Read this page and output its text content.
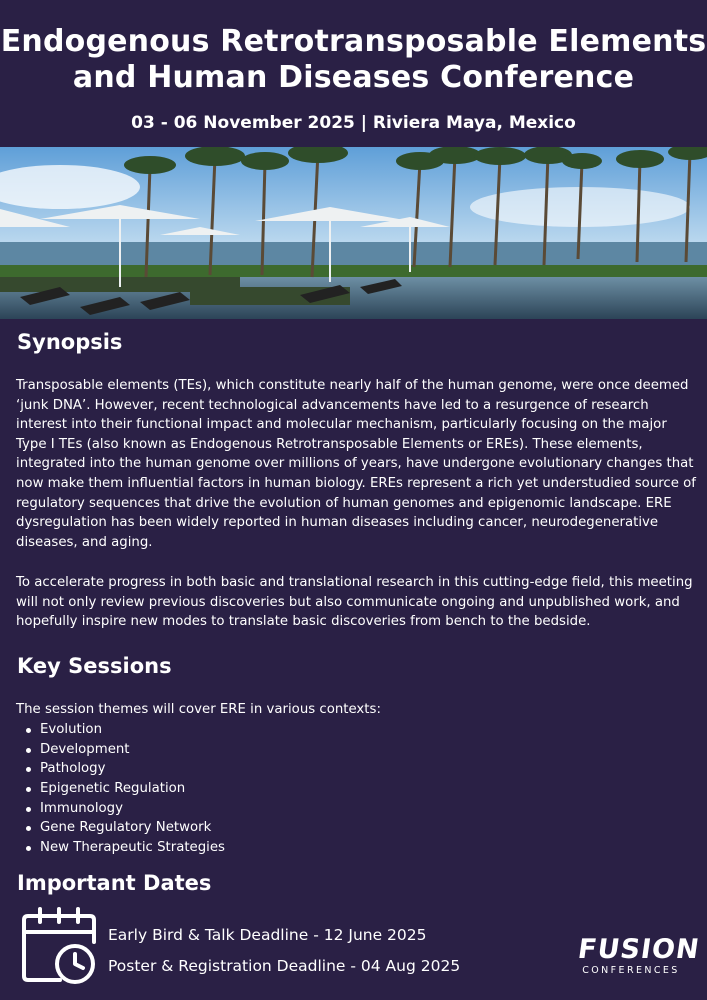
Endogenous Retrotransposable Elements
and Human Diseases Conference
03 - 06 November 2025 | Riviera Maya, Mexico
Synopsis

Transposable elements (TEs), which constitute nearly half of the human genome, were once deemed ‘junk DNA’. However, recent technological advancements have led to a resurgence of research interest into their functional impact and molecular mechanism, particularly focusing on the major Type I TEs (also known as Endogenous Retrotransposable Elements or EREs). These elements, integrated into the human genome over millions of years, have undergone evolutionary changes that now make them influential factors in human biology. EREs represent a rich yet understudied source of regulatory sequences that drive the evolution of human genomes and epigenomic landscape. ERE dysregulation has been widely reported in human diseases including cancer, neurodegenerative diseases, and aging.

To accelerate progress in both basic and translational research in this cutting-edge field, this meeting will not only review previous discoveries but also communicate ongoing and unpublished work, and hopefully inspire new modes to translate basic discoveries from bench to the bedside.

Key Sessions
The session themes will cover ERE in various contexts:
Evolution
Development
Pathology
Epigenetic Regulation
Immunology
Gene Regulatory Network
New Therapeutic Strategies
Important Dates
Early Bird & Talk Deadline - 12 June 2025
Poster & Registration Deadline - 04 Aug 2025
FUSION
CONFERENCES
